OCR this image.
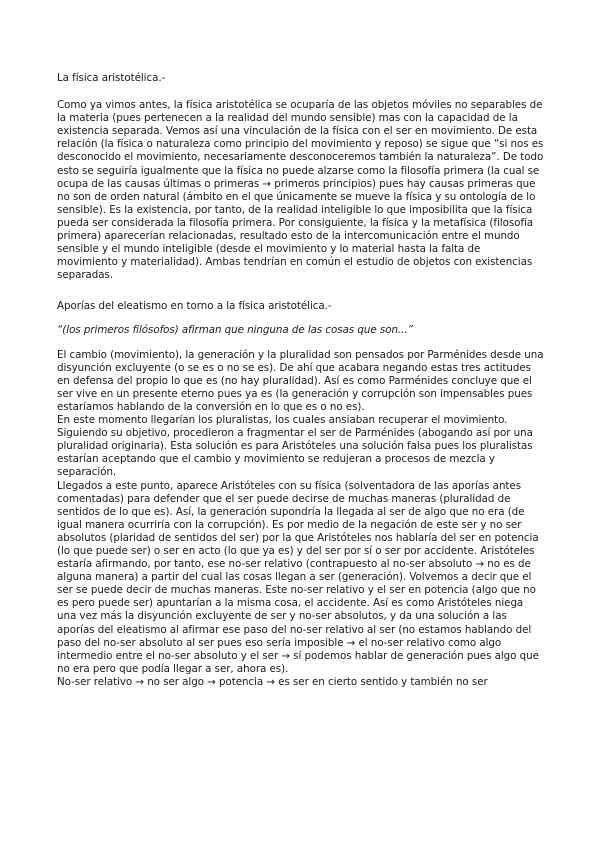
La física aristotélica.-

Como ya vimos antes, la física aristotélica se ocuparía de las objetos móviles no separables de la materia (pues pertenecen a la realidad del mundo sensible) mas con la capacidad de la existencia separada. Vemos así una vinculación de la física con el ser en movimiento. De esta relación (la física o naturaleza como principio del movimiento y reposo) se sigue que “si nos es desconocido el movimiento, necesariamente desconoceremos también la naturaleza”. De todo esto se seguiría igualmente que la física no puede alzarse como la filosofía primera (la cual se ocupa de las causas últimas o primeras → primeros principios) pues hay causas primeras que no son de orden natural (ámbito en el que únicamente se mueve la física y su ontología de lo sensible). Es la existencia, por tanto, de la realidad inteligible lo que imposibilita que la física pueda ser considerada la filosofía primera. Por consiguiente, la física y la metafísica (filosofía primera) aparecerían relacionadas, resultado esto de la intercomunicación entre el mundo sensible y el mundo inteligible (desde el movimiento y lo material hasta la falta de movimiento y materialidad). Ambas tendrían en común el estudio de objetos con existencias separadas.

Aporías del eleatismo en torno a la física aristotélica.-

“(los primeros filósofos) afirman que ninguna de las cosas que son...”

El cambio (movimiento), la generación y la pluralidad son pensados por Parménides desde una disyunción excluyente (o se es o no se es). De ahí que acabara negando estas tres actitudes en defensa del propio lo que es (no hay pluralidad). Así es como Parménides concluye que el ser vive en un presente eterno pues ya es (la generación y corrupción son impensables pues estaríamos hablando de la conversión en lo que es o no es).

En este momento llegarían los pluralistas, los cuales ansiaban recuperar el movimiento. Siguiendo su objetivo, procedieron a fragmentar el ser de Parménides (abogando así por una pluralidad originaria). Esta solución es para Aristóteles una solución falsa pues los pluralistas estarían aceptando que el cambio y movimiento se redujeran a procesos de mezcla y separación.

Llegados a este punto, aparece Aristóteles con su física (solventadora de las aporías antes comentadas) para defender que el ser puede decirse de muchas maneras (pluralidad de sentidos de lo que es). Así, la generación supondría la llegada al ser de algo que no era (de igual manera ocurriría con la corrupción). Es por medio de la negación de este ser y no ser absolutos (plaridad de sentidos del ser) por la que Aristóteles nos hablaría del ser en potencia (lo que puede ser) o ser en acto (lo que ya es) y del ser por sí o ser por accidente. Aristóteles estaría afirmando, por tanto, ese no-ser relativo (contrapuesto al no-ser absoluto → no es de alguna manera) a partir del cual las cosas llegan a ser (generación). Volvemos a decir que el ser se puede decir de muchas maneras. Este no-ser relativo y el ser en potencia (algo que no es pero puede ser) apuntarían a la misma cosa, el accidente. Así es como Aristóteles niega una vez más la disyunción excluyente de ser y no-ser absolutos, y da una solución a las aporías del eleatismo al afirmar ese paso del no-ser relativo al ser (no estamos hablando del paso del no-ser absoluto al ser pues eso sería imposible → el no-ser relativo como algo intermedio entre el no-ser absoluto y el ser → sí podemos hablar de generación pues algo que no era pero que podía llegar a ser, ahora es).

No-ser relativo → no ser algo → potencia → es ser en cierto sentido y también no ser
